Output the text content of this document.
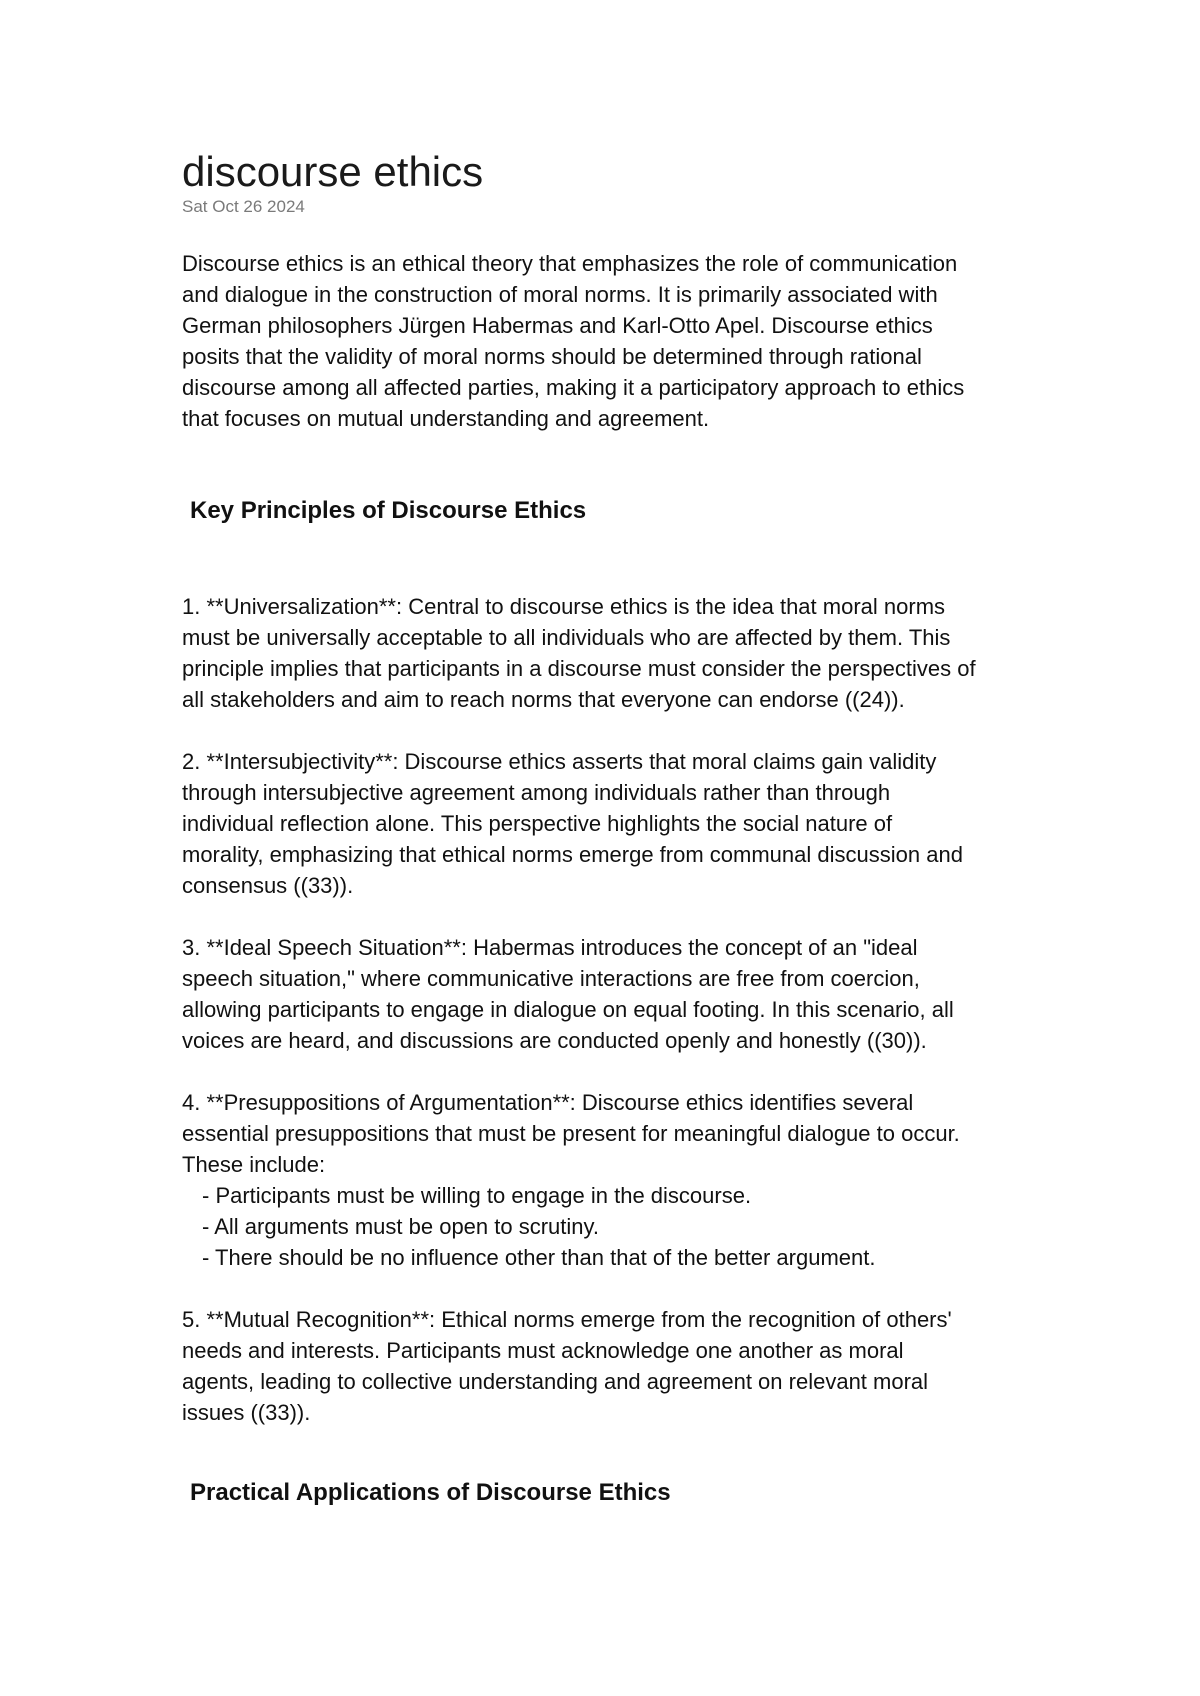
discourse ethics
Sat Oct 26 2024

Discourse ethics is an ethical theory that emphasizes the role of communication
and dialogue in the construction of moral norms. It is primarily associated with
German philosophers Jürgen Habermas and Karl-Otto Apel. Discourse ethics
posits that the validity of moral norms should be determined through rational
discourse among all affected parties, making it a participatory approach to ethics
that focuses on mutual understanding and agreement.

Key Principles of Discourse Ethics

1. **Universalization**: Central to discourse ethics is the idea that moral norms
must be universally acceptable to all individuals who are affected by them. This
principle implies that participants in a discourse must consider the perspectives of
all stakeholders and aim to reach norms that everyone can endorse ((24)).

2. **Intersubjectivity**: Discourse ethics asserts that moral claims gain validity
through intersubjective agreement among individuals rather than through
individual reflection alone. This perspective highlights the social nature of
morality, emphasizing that ethical norms emerge from communal discussion and
consensus ((33)).

3. **Ideal Speech Situation**: Habermas introduces the concept of an "ideal
speech situation," where communicative interactions are free from coercion,
allowing participants to engage in dialogue on equal footing. In this scenario, all
voices are heard, and discussions are conducted openly and honestly ((30)).

4. **Presuppositions of Argumentation**: Discourse ethics identifies several
essential presuppositions that must be present for meaningful dialogue to occur.
These include:

- Participants must be willing to engage in the discourse.
- All arguments must be open to scrutiny.
- There should be no influence other than that of the better argument.

5. **Mutual Recognition**: Ethical norms emerge from the recognition of others'
needs and interests. Participants must acknowledge one another as moral
agents, leading to collective understanding and agreement on relevant moral
issues ((33)).

Practical Applications of Discourse Ethics
